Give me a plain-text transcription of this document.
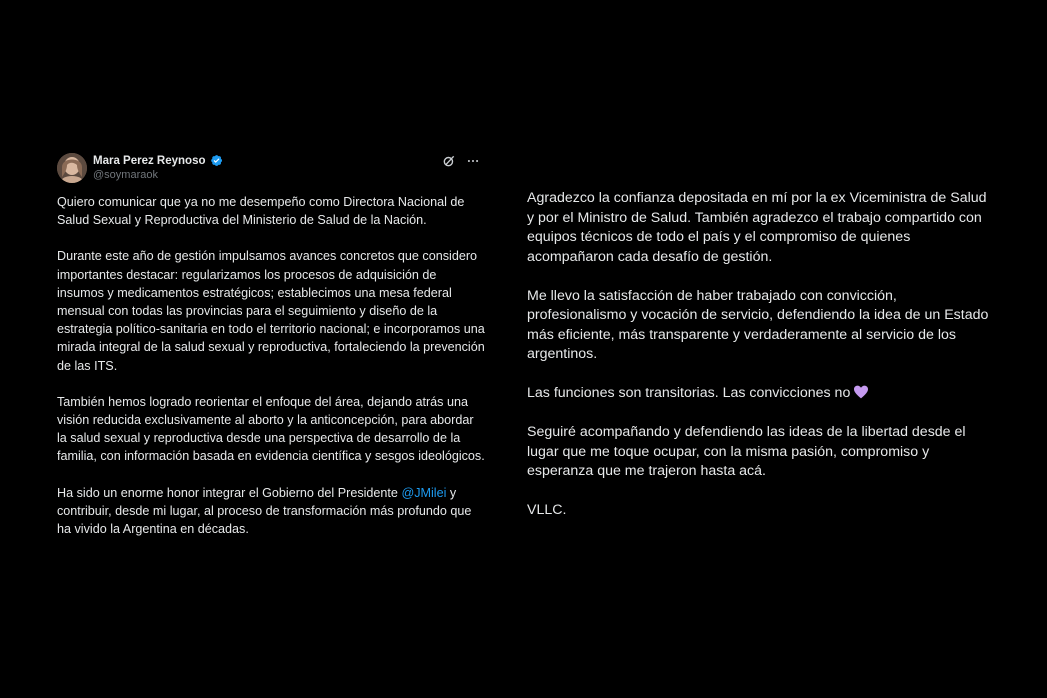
Mara Perez Reynoso
@soymaraok

Quiero comunicar que ya no me desempeño como Directora Nacional de Salud Sexual y Reproductiva del Ministerio de Salud de la Nación.

Durante este año de gestión impulsamos avances concretos que considero importantes destacar: regularizamos los procesos de adquisición de insumos y medicamentos estratégicos; establecimos una mesa federal mensual con todas las provincias para el seguimiento y diseño de la estrategia político-sanitaria en todo el territorio nacional; e incorporamos una mirada integral de la salud sexual y reproductiva, fortaleciendo la prevención de las ITS.

También hemos logrado reorientar el enfoque del área, dejando atrás una visión reducida exclusivamente al aborto y la anticoncepción, para abordar la salud sexual y reproductiva desde una perspectiva de desarrollo de la familia, con información basada en evidencia científica y sesgos ideológicos.

Ha sido un enorme honor integrar el Gobierno del Presidente @JMilei y contribuir, desde mi lugar, al proceso de transformación más profundo que ha vivido la Argentina en décadas.

Agradezco la confianza depositada en mí por la ex Viceministra de Salud y por el Ministro de Salud. También agradezco el trabajo compartido con equipos técnicos de todo el país y el compromiso de quienes acompañaron cada desafío de gestión.

Me llevo la satisfacción de haber trabajado con convicción, profesionalismo y vocación de servicio, defendiendo la idea de un Estado más eficiente, más transparente y verdaderamente al servicio de los argentinos.

Las funciones son transitorias. Las convicciones no

Seguiré acompañando y defendiendo las ideas de la libertad desde el lugar que me toque ocupar, con la misma pasión, compromiso y esperanza que me trajeron hasta acá.

VLLC.
